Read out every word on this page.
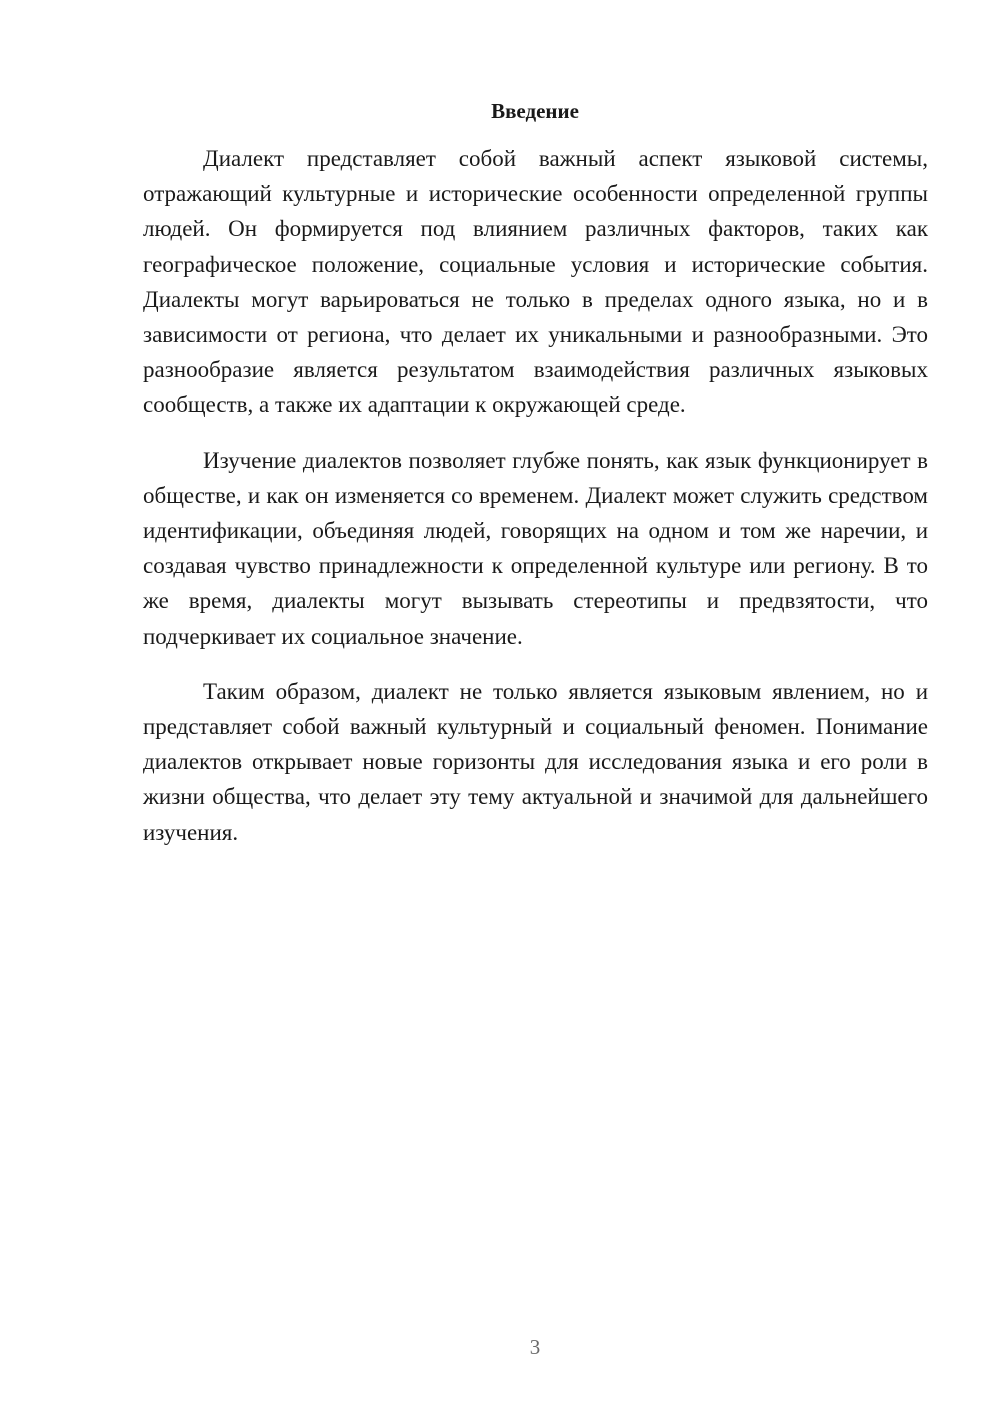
Введение

Диалект представляет собой важный аспект языковой системы, отражающий культурные и исторические особенности определенной группы людей. Он формируется под влиянием различных факторов, таких как географическое положение, социальные условия и исторические события. Диалекты могут варьироваться не только в пределах одного языка, но и в зависимости от региона, что делает их уникальными и разнообразными. Это разнообразие является результатом взаимодействия различных языковых сообществ, а также их адаптации к окружающей среде.

Изучение диалектов позволяет глубже понять, как язык функционирует в обществе, и как он изменяется со временем. Диалект может служить средством идентификации, объединяя людей, говорящих на одном и том же наречии, и создавая чувство принадлежности к определенной культуре или региону. В то же время, диалекты могут вызывать стереотипы и предвзятости, что подчеркивает их социальное значение.

Таким образом, диалект не только является языковым явлением, но и представляет собой важный культурный и социальный феномен. Понимание диалектов открывает новые горизонты для исследования языка и его роли в жизни общества, что делает эту тему актуальной и значимой для дальнейшего изучения.

3
